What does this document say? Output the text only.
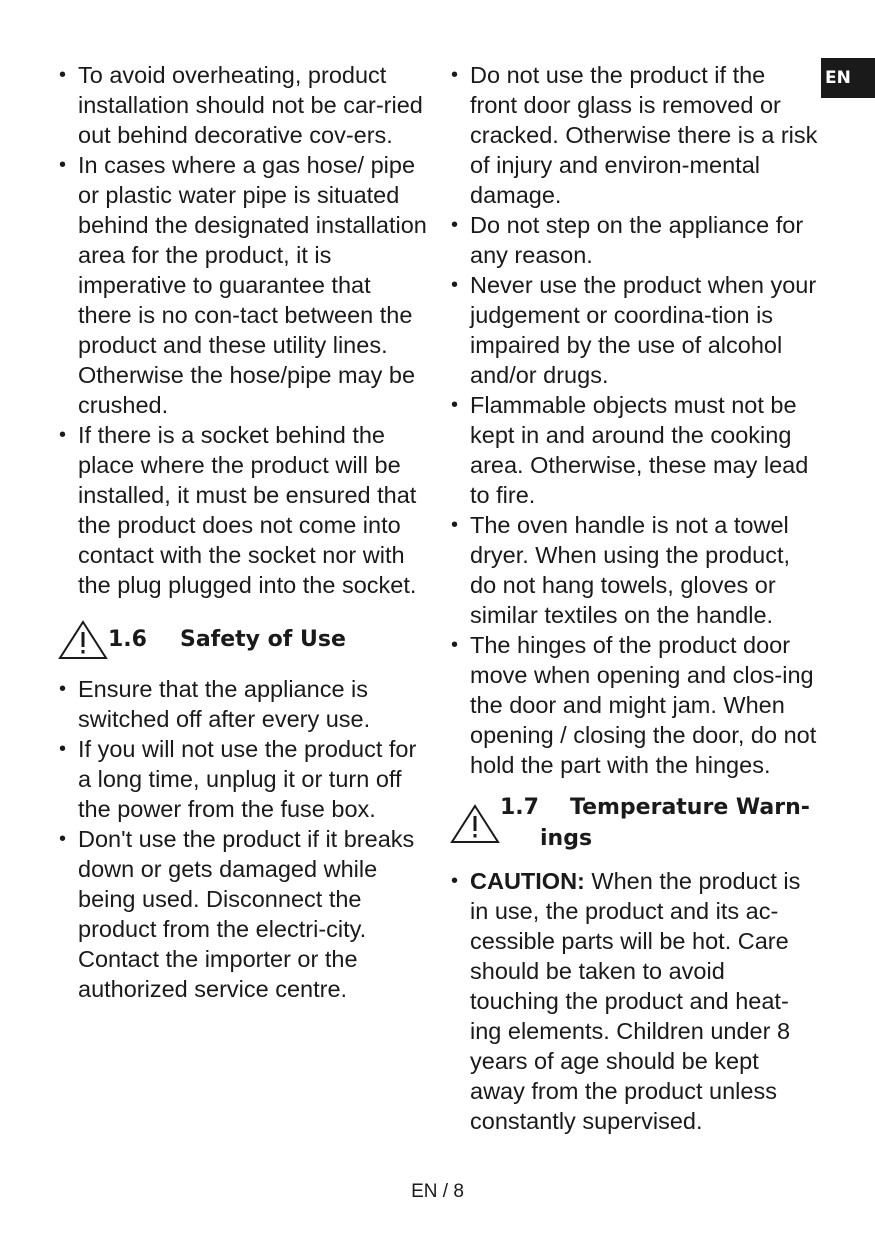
EN
• To avoid overheating, product installation should not be car-ried out behind decorative cov-ers.
• In cases where a gas hose/ pipe or plastic water pipe is situated behind the designated installation area for the product, it is imperative to guarantee that there is no con-tact between the product and these utility lines. Otherwise the hose/pipe may be crushed.
• If there is a socket behind the place where the product will be installed, it must be ensured that the product does not come into contact with the socket nor with the plug plugged into the socket.
1.6 Safety of Use
• Ensure that the appliance is switched off after every use.
• If you will not use the product for a long time, unplug it or turn off the power from the fuse box.
• Don't use the product if it breaks down or gets damaged while being used. Disconnect the product from the electri-city. Contact the importer or the authorized service centre.
• Do not use the product if the front door glass is removed or cracked. Otherwise there is a risk of injury and environ-mental damage.
• Do not step on the appliance for any reason.
• Never use the product when your judgement or coordina-tion is impaired by the use of alcohol and/or drugs.
• Flammable objects must not be kept in and around the cooking area. Otherwise, these may lead to fire.
• The oven handle is not a towel dryer. When using the product, do not hang towels, gloves or similar textiles on the handle.
• The hinges of the product door move when opening and clos-ing the door and might jam. When opening / closing the door, do not hold the part with the hinges.
1.7 Temperature Warn-
ings
• CAUTION: When the product is in use, the product and its ac-cessible parts will be hot. Care should be taken to avoid touching the product and heat-ing elements. Children under 8 years of age should be kept away from the product unless constantly supervised.
EN / 8
